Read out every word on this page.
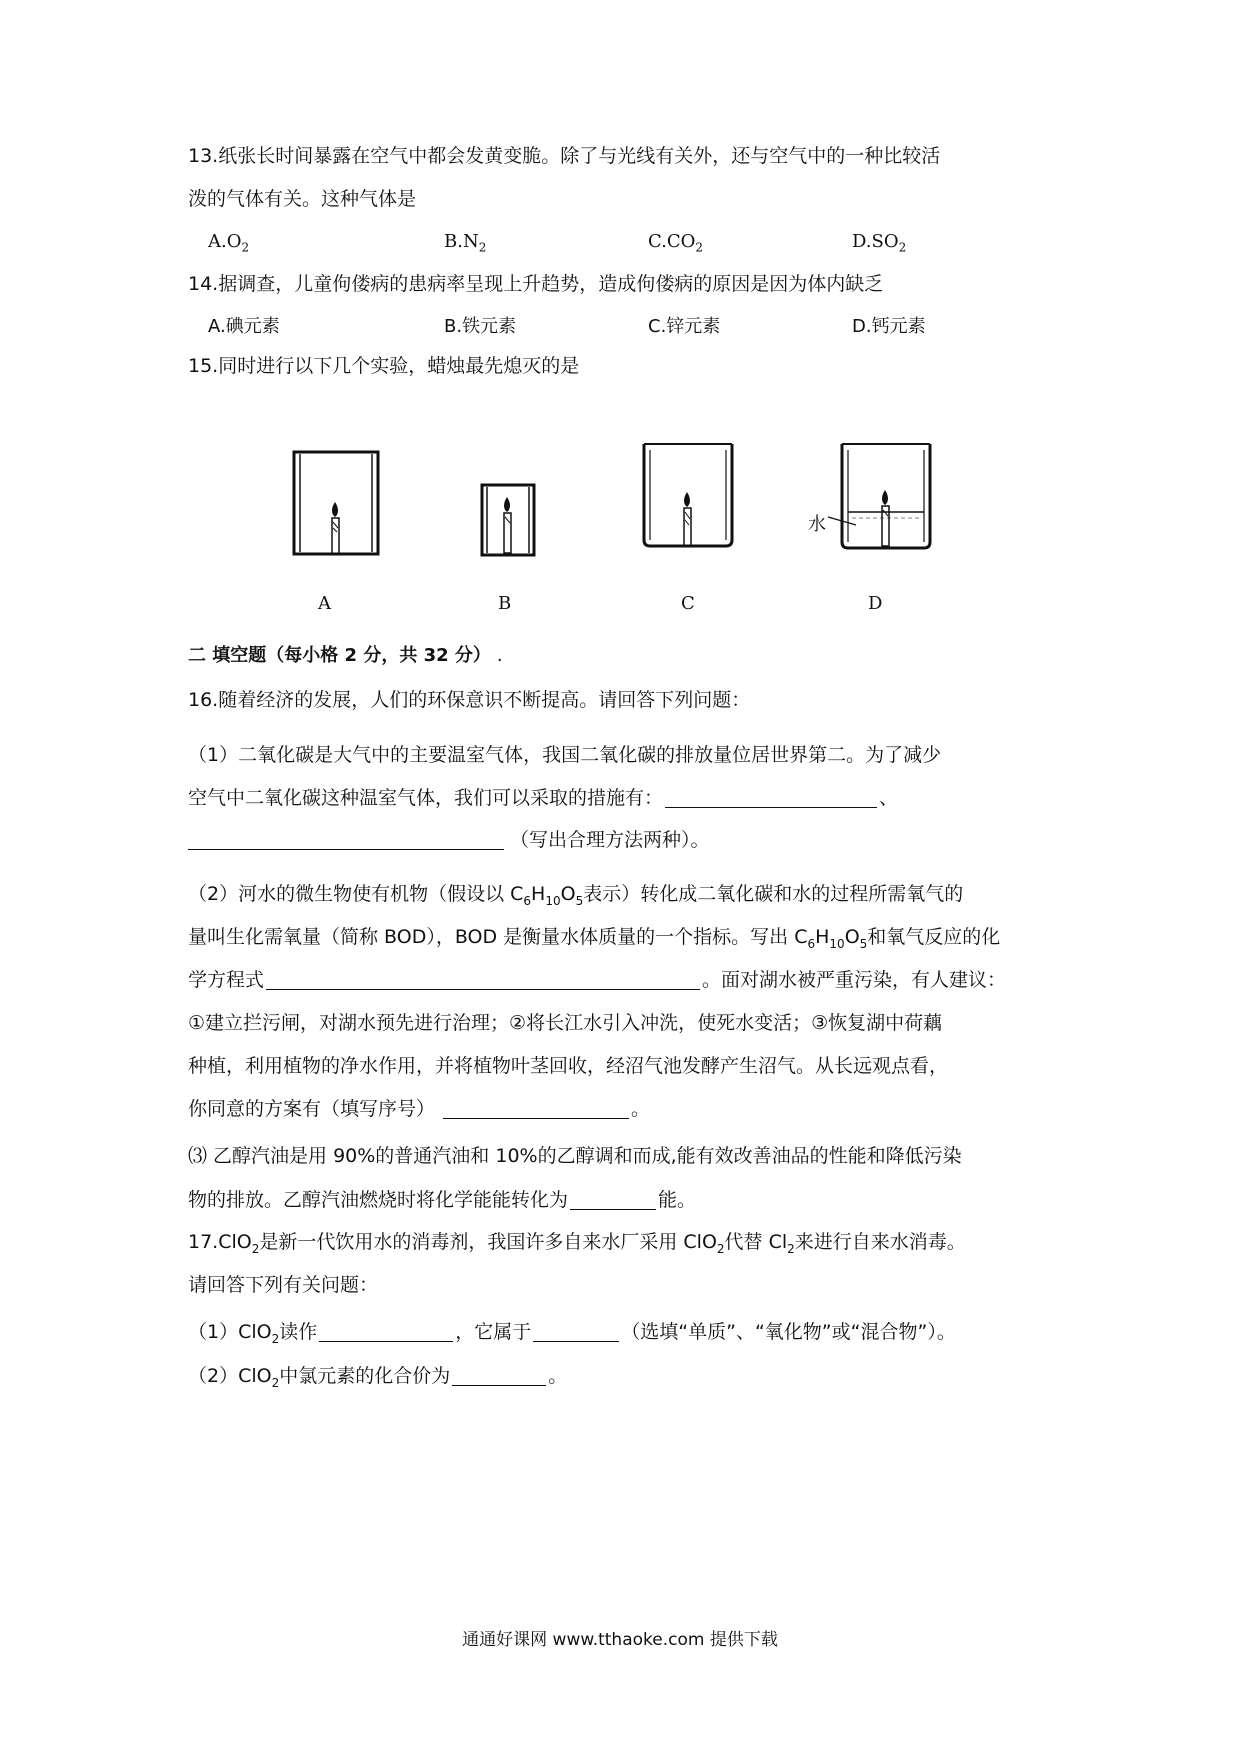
13.纸张长时间暴露在空气中都会发黄变脆。除了与光线有关外，还与空气中的一种比较活
泼的气体有关。这种气体是
$A.O_2$	$B.N_2$	$C.CO_2$	$D.SO_2$
14.据调查，儿童佝偻病的患病率呈现上升趋势，造成佝偻病的原因是因为体内缺乏
A.碘元素	B.铁元素	C.锌元素	D.钙元素
15.同时进行以下几个实验，蜡烛最先熄灭的是
水
A	B	C	D
二 填空题（每小格 2 分，共 32 分） .
16.随着经济的发展，人们的环保意识不断提高。请回答下列问题：
（1）二氧化碳是大气中的主要温室气体，我国二氧化碳的排放量位居世界第二。为了减少
空气中二氧化碳这种温室气体，我们可以采取的措施有：	、
（写出合理方法两种）。
（2）河水的微生物使有机物（假设以 $C_6H_{10}O_5$表示）转化成二氧化碳和水的过程所需氧气的
量叫生化需氧量（简称 BOD），BOD 是衡量水体质量的一个指标。写出 $C_6H_{10}O_5$和氧气反应的化
学方程式	。面对湖水被严重污染，有人建议：
①建立拦污闸，对湖水预先进行治理；②将长江水引入冲洗，使死水变活；③恢复湖中荷藕
种植，利用植物的净水作用，并将植物叶茎回收，经沼气池发酵产生沼气。从长远观点看，
你同意的方案有（填写序号）	。
⑶ 乙醇汽油是用 90%的普通汽油和 10%的乙醇调和而成,能有效改善油品的性能和降低污染
物的排放。乙醇汽油燃烧时将化学能能转化为	能。
17.ClO$_2$是新一代饮用水的消毒剂，我国许多自来水厂采用 ClO$_2$代替 $Cl_2$来进行自来水消毒。
请回答下列有关问题：
（1）ClO$_2$读作	，它属于	（选填“单质”、“氧化物”或“混合物”）。
（2）ClO$_2$中氯元素的化合价为	。
通通好课网 www.tthaoke.com 提供下载
